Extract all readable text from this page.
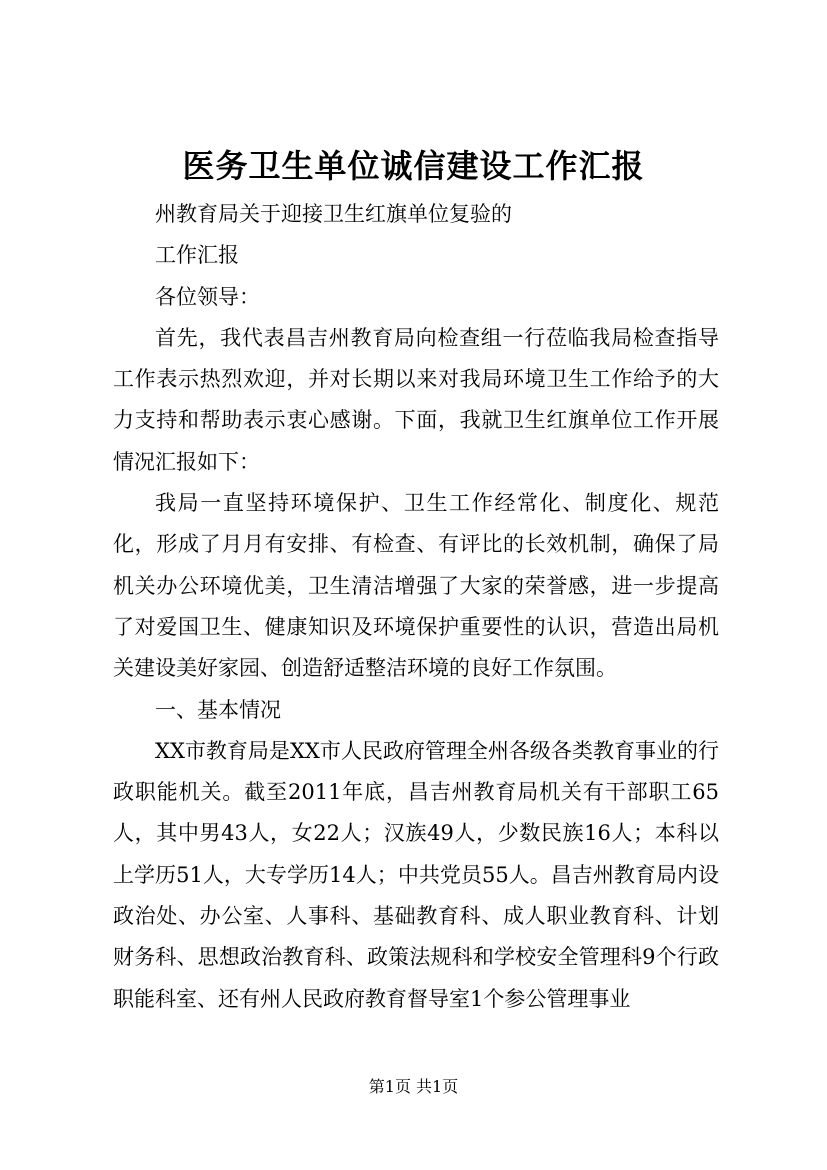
医务卫生单位诚信建设工作汇报

州教育局关于迎接卫生红旗单位复验的

工作汇报

各位领导：

首先，我代表昌吉州教育局向检查组一行莅临我局检查指导工作表示热烈欢迎，并对长期以来对我局环境卫生工作给予的大力支持和帮助表示衷心感谢。下面，我就卫生红旗单位工作开展情况汇报如下：

我局一直坚持环境保护、卫生工作经常化、制度化、规范化，形成了月月有安排、有检查、有评比的长效机制，确保了局机关办公环境优美，卫生清洁增强了大家的荣誉感，进一步提高了对爱国卫生、健康知识及环境保护重要性的认识，营造出局机关建设美好家园、创造舒适整洁环境的良好工作氛围。

一、基本情况

XX市教育局是XX市人民政府管理全州各级各类教育事业的行政职能机关。截至2011年底，昌吉州教育局机关有干部职工65人，其中男43人，女22人；汉族49人，少数民族16人；本科以上学历51人，大专学历14人；中共党员55人。昌吉州教育局内设政治处、办公室、人事科、基础教育科、成人职业教育科、计划财务科、思想政治教育科、政策法规科和学校安全管理科9个行政职能科室、还有州人民政府教育督导室1个参公管理事业

第1页 共1页
